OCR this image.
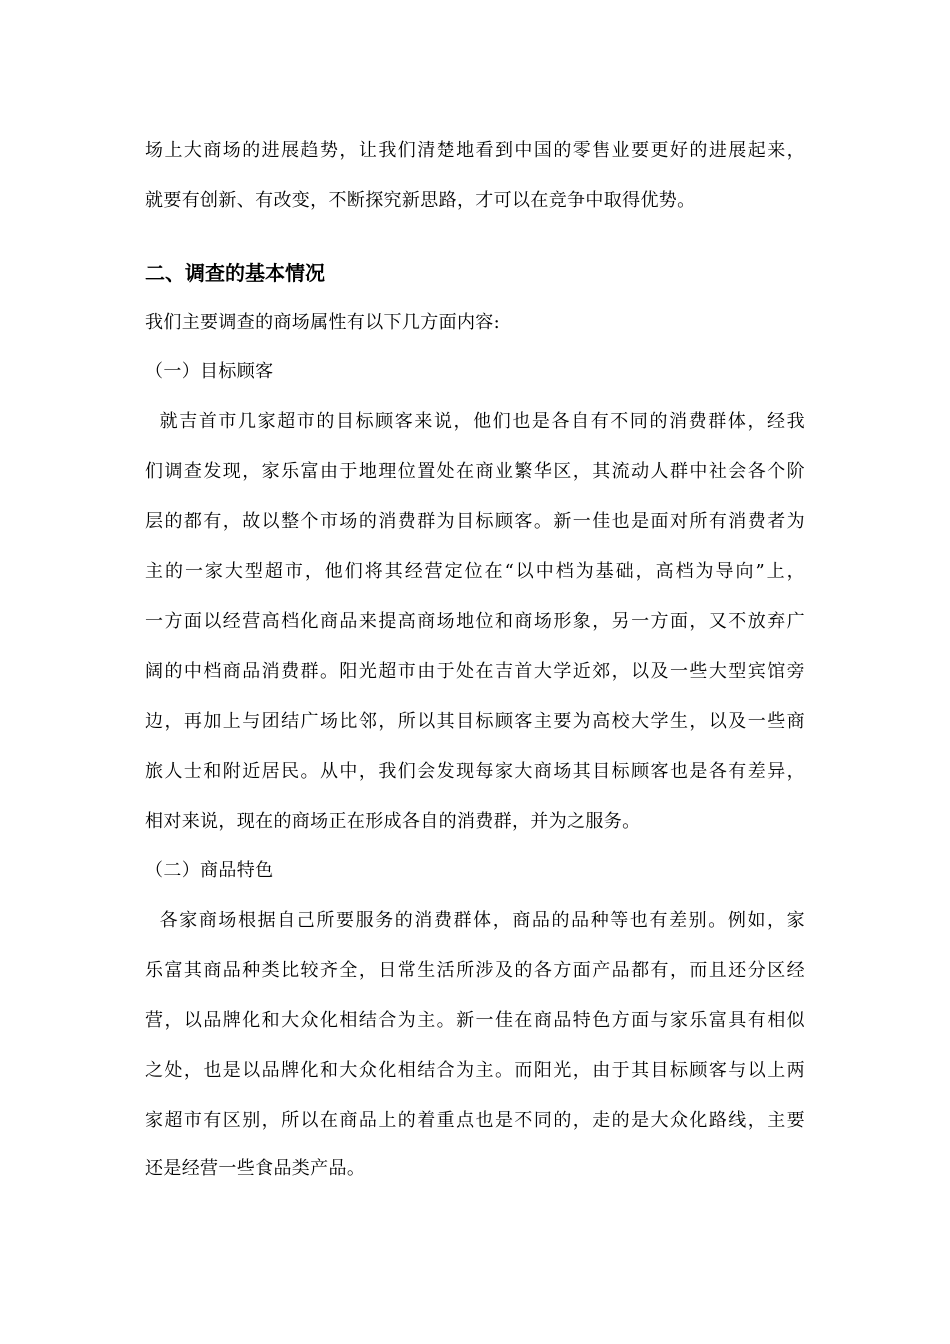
场上大商场的进展趋势，让我们清楚地看到中国的零售业要更好的进展起来，
就要有创新、有改变，不断探究新思路，才可以在竞争中取得优势。
二、调查的基本情况
我们主要调查的商场属性有以下几方面内容:
（一）目标顾客
就吉首市几家超市的目标顾客来说，他们也是各自有不同的消费群体，经我
们调查发现，家乐富由于地理位置处在商业繁华区，其流动人群中社会各个阶
层的都有，故以整个市场的消费群为目标顾客。新一佳也是面对所有消费者为
主的一家大型超市，他们将其经营定位在“以中档为基础，高档为导向”上，
一方面以经营高档化商品来提高商场地位和商场形象，另一方面，又不放弃广
阔的中档商品消费群。阳光超市由于处在吉首大学近郊，以及一些大型宾馆旁
边，再加上与团结广场比邻，所以其目标顾客主要为高校大学生，以及一些商
旅人士和附近居民。从中，我们会发现每家大商场其目标顾客也是各有差异，
相对来说，现在的商场正在形成各自的消费群，并为之服务。
（二）商品特色
各家商场根据自己所要服务的消费群体，商品的品种等也有差别。例如，家
乐富其商品种类比较齐全，日常生活所涉及的各方面产品都有，而且还分区经
营，以品牌化和大众化相结合为主。新一佳在商品特色方面与家乐富具有相似
之处，也是以品牌化和大众化相结合为主。而阳光，由于其目标顾客与以上两
家超市有区别，所以在商品上的着重点也是不同的，走的是大众化路线，主要
还是经营一些食品类产品。
